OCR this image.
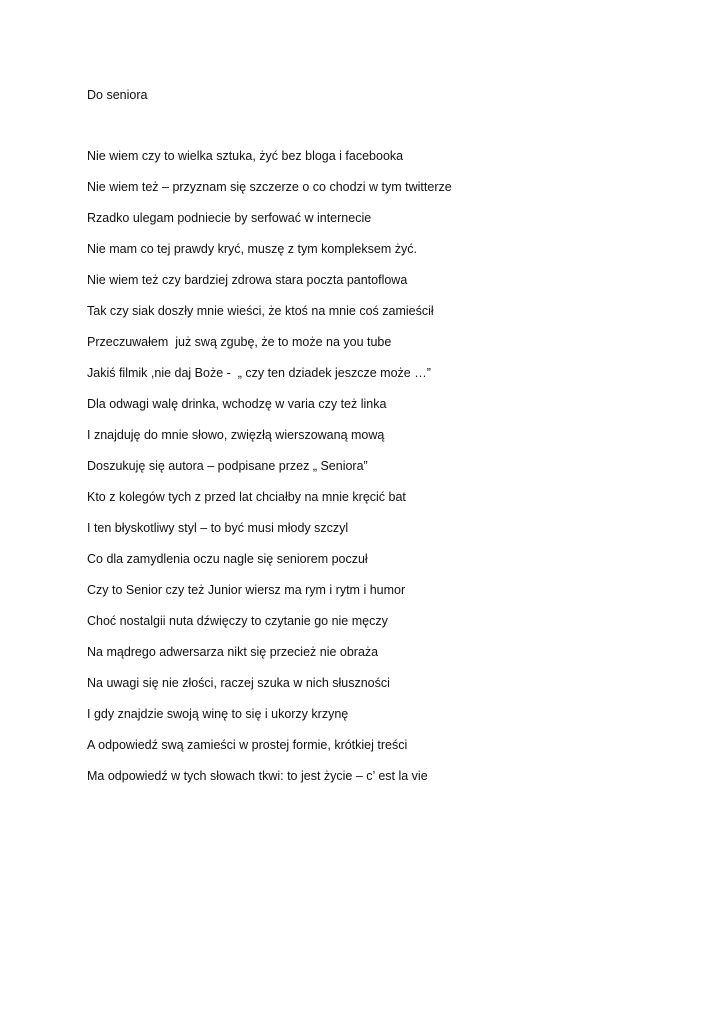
Do seniora
Nie wiem czy to wielka sztuka, żyć bez bloga i facebooka
Nie wiem też – przyznam się szczerze o co chodzi w tym twitterze
Rzadko ulegam podniecie by serfować w internecie
Nie mam co tej prawdy kryć, muszę z tym kompleksem żyć.
Nie wiem też czy bardziej zdrowa stara poczta pantoflowa
Tak czy siak doszły mnie wieści, że ktoś na mnie coś zamieścił
Przeczuwałem  już swą zgubę, że to może na you tube
Jakiś filmik ,nie daj Boże -  „ czy ten dziadek jeszcze może …”
Dla odwagi walę drinka, wchodzę w varia czy też linka
I znajduję do mnie słowo, zwięzłą wierszowaną mową
Doszukuję się autora – podpisane przez „ Seniora”
Kto z kolegów tych z przed lat chciałby na mnie kręcić bat
I ten błyskotliwy styl – to być musi młody szczyl
Co dla zamydlenia oczu nagle się seniorem poczuł
Czy to Senior czy też Junior wiersz ma rym i rytm i humor
Choć nostalgii nuta dźwięczy to czytanie go nie męczy
Na mądrego adwersarza nikt się przecież nie obraża
Na uwagi się nie złości, raczej szuka w nich słuszności
I gdy znajdzie swoją winę to się i ukorzy krzynę
A odpowiedź swą zamieści w prostej formie, krótkiej treści
Ma odpowiedź w tych słowach tkwi: to jest życie – c’ est la vie
